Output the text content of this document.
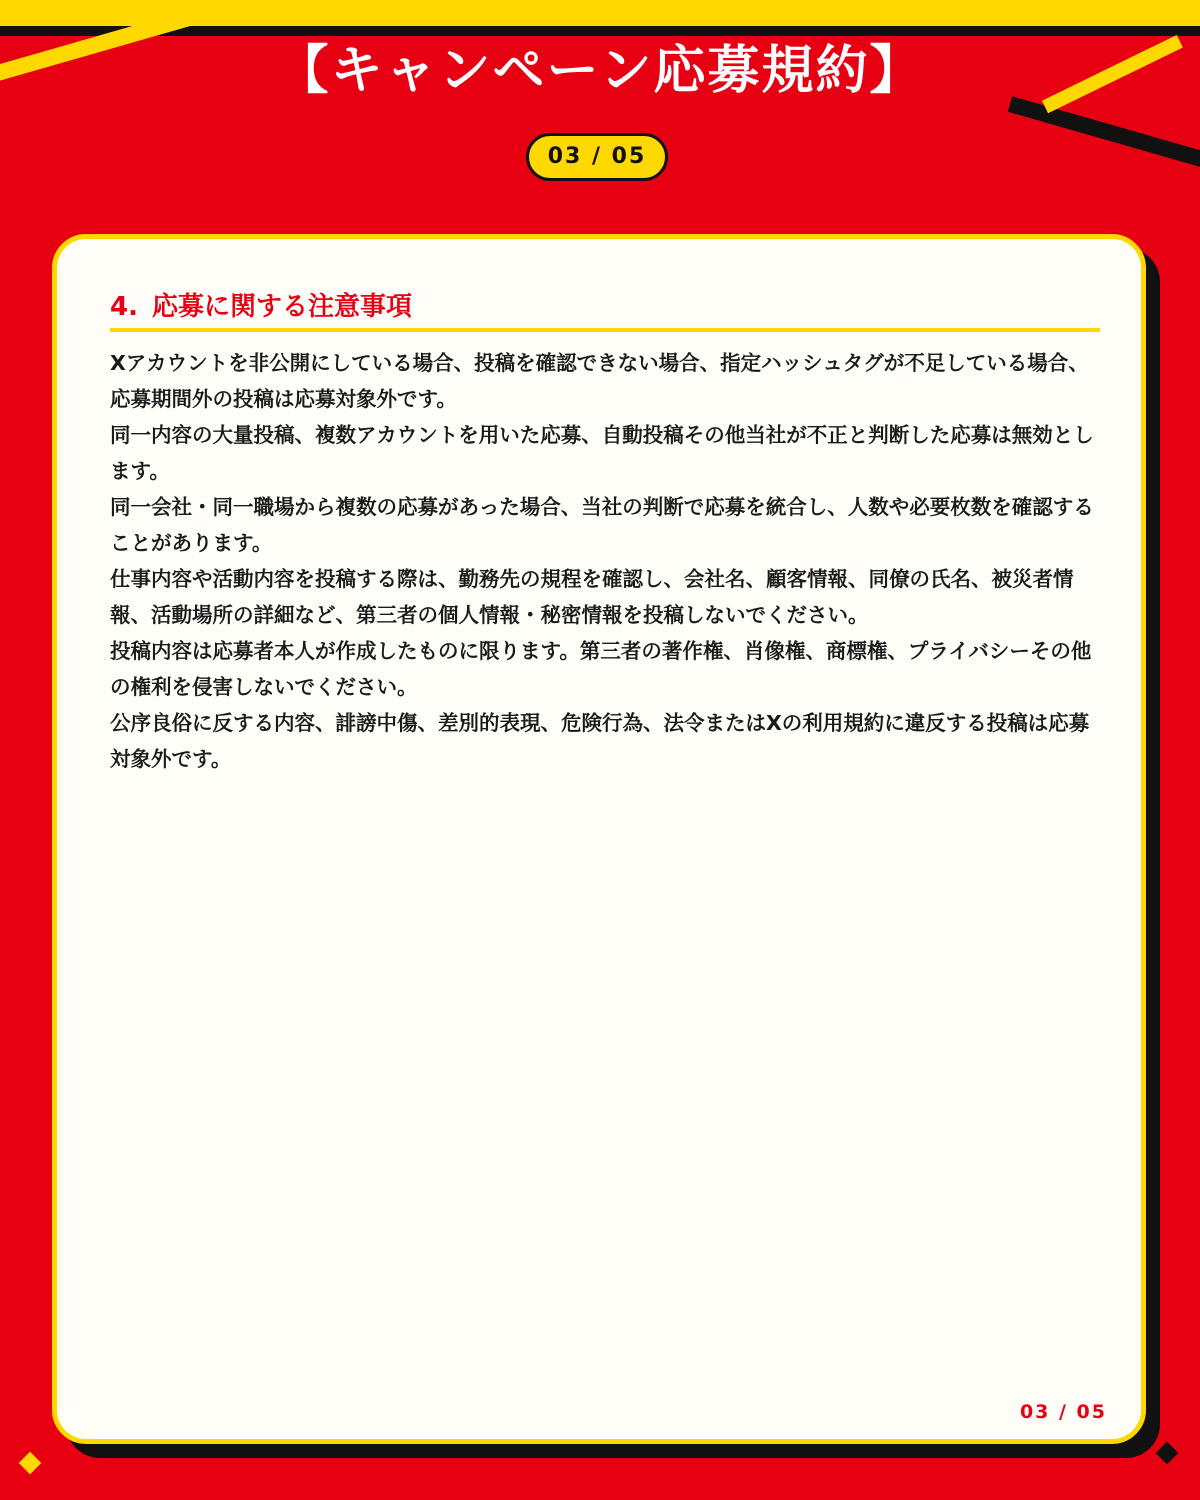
【キャンペーン応募規約】
03 / 05
4. 応募に関する注意事項

Xアカウントを非公開にしている場合、投稿を確認できない場合、指定ハッシュタグが不足している場合、応募期間外の投稿は応募対象外です。

同一内容の大量投稿、複数アカウントを用いた応募、自動投稿その他当社が不正と判断した応募は無効とします。

同一会社・同一職場から複数の応募があった場合、当社の判断で応募を統合し、人数や必要枚数を確認することがあります。

仕事内容や活動内容を投稿する際は、勤務先の規程を確認し、会社名、顧客情報、同僚の氏名、被災者情報、活動場所の詳細など、第三者の個人情報・秘密情報を投稿しないでください。

投稿内容は応募者本人が作成したものに限ります。第三者の著作権、肖像権、商標権、プライバシーその他の権利を侵害しないでください。

公序良俗に反する内容、誹謗中傷、差別的表現、危険行為、法令またはXの利用規約に違反する投稿は応募対象外です。

03 / 05
